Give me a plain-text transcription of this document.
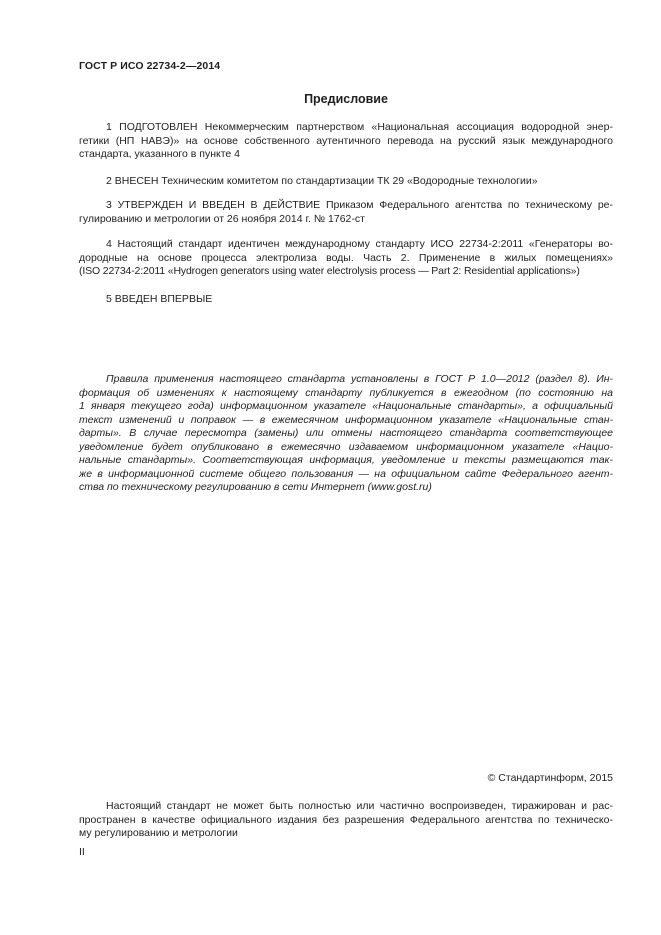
ГОСТ Р ИСО 22734-2—2014
Предисловие

1 ПОДГОТОВЛЕН Некоммерческим партнерством «Национальная ассоциация водородной энер-
гетики (НП НАВЭ)» на основе собственного аутентичного перевода на русский язык международного
стандарта, указанного в пункте 4

2 ВНЕСЕН Техническим комитетом по стандартизации ТК 29 «Водородные технологии»

3 УТВЕРЖДЕН И ВВЕДЕН В ДЕЙСТВИЕ Приказом Федерального агентства по техническому ре-
гулированию и метрологии от 26 ноября 2014 г. № 1762-ст

4 Настоящий стандарт идентичен международному стандарту ИСО 22734-2:2011 «Генераторы во-
дородные на основе процесса электролиза воды. Часть 2. Применение в жилых помещениях»
(ISO 22734-2:2011 «Hydrogen generators using water electrolysis process — Part 2: Residential applications»)

5 ВВЕДЕН ВПЕРВЫЕ

Правила применения настоящего стандарта установлены в ГОСТ Р 1.0—2012 (раздел 8). Ин-
формация об изменениях к настоящему стандарту публикуется в ежегодном (по состоянию на
1 января текущего года) информационном указателе «Национальные стандарты», а официальный
текст изменений и поправок — в ежемесячном информационном указателе «Национальные стан-
дарты». В случае пересмотра (замены) или отмены настоящего стандарта соответствующее
уведомление будет опубликовано в ежемесячно издаваемом информационном указателе «Нацио-
нальные стандарты». Соответствующая информация, уведомление и тексты размещаются так-
же в информационной системе общего пользования — на официальном сайте Федерального агент-
ства по техническому регулированию в сети Интернет (www.gost.ru)

© Стандартинформ, 2015

Настоящий стандарт не может быть полностью или частично воспроизведен, тиражирован и рас-
пространен в качестве официального издания без разрешения Федерального агентства по техническо-
му регулированию и метрологии

II
